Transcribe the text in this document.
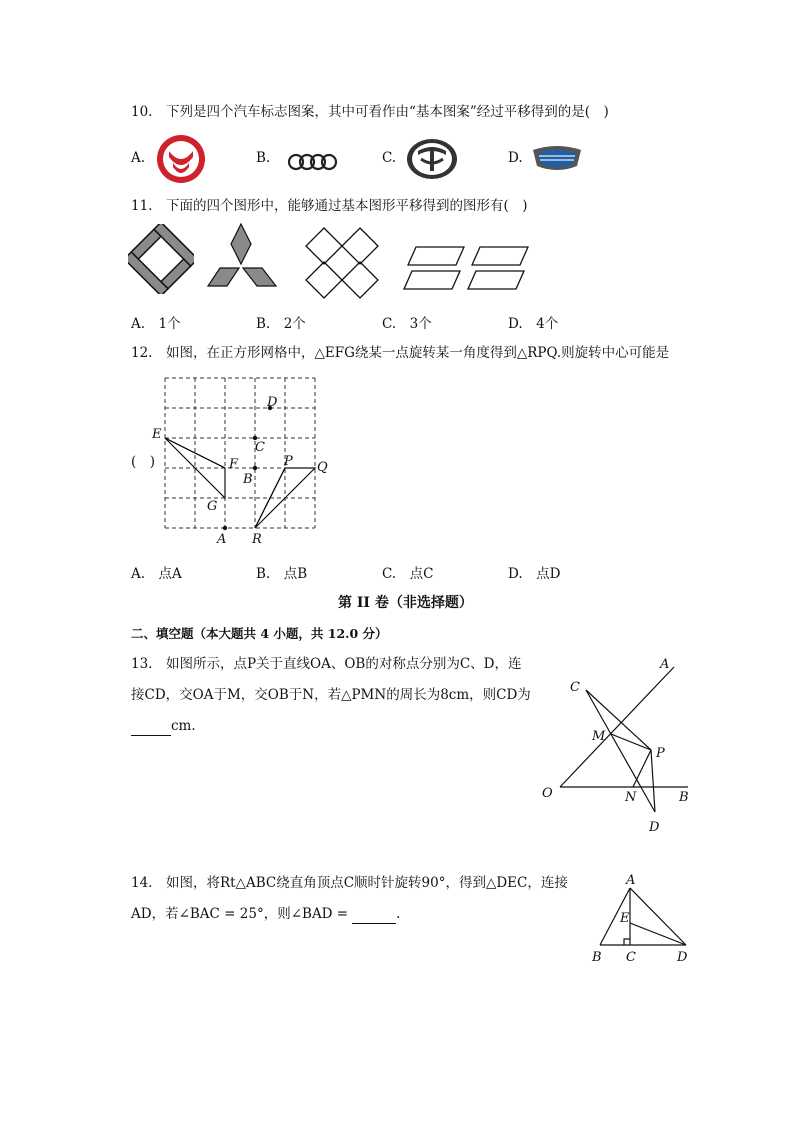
10. 下列是四个汽车标志图案，其中可看作由“基本图案”经过平移得到的是( )
A.	B.	C.	D.
11. 下面的四个图形中，能够通过基本图形平移得到的图形有( )
A. 1个	B. 2个	C. 3个	D. 4个
12. 如图，在正方形网格中，△EFG绕某一点旋转某一角度得到△RPQ.则旋转中心可能是
( )
E
F
G
A
B
C
D
P Q
R
A. 点A	B. 点B	C. 点C	D. 点D
第 II 卷（非选择题）
二、填空题（本大题共 4 小题，共 12.0 分）
13. 如图所示，点P关于直线OA、OB的对称点分别为C、D，连
接CD，交OA于M，交OB于N，若△PMN的周长为8cm，则CD为
cm.
A
C
M
P
O	N	B
D
14. 如图，将Rt△ABC绕直角顶点C顺时针旋转90°，得到△DEC，连接
AD，若∠BAC = 25°，则∠BAD =	.
A
E
B C	D
